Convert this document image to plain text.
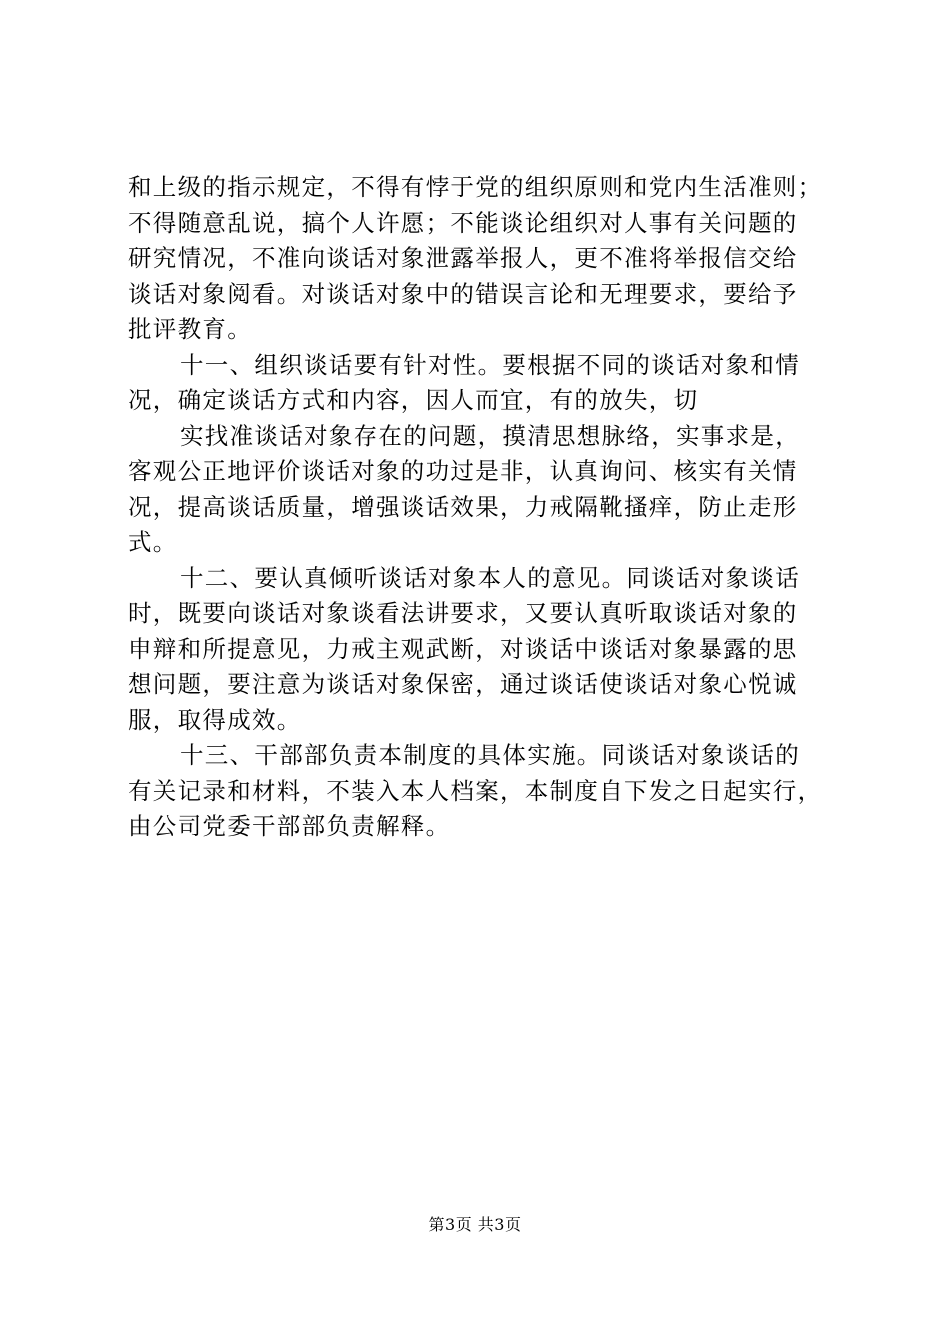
和上级的指示规定，不得有悖于党的组织原则和党内生活准则；
不得随意乱说，搞个人许愿；不能谈论组织对人事有关问题的
研究情况，不准向谈话对象泄露举报人，更不准将举报信交给
谈话对象阅看。对谈话对象中的错误言论和无理要求，要给予
批评教育。
十一、组织谈话要有针对性。要根据不同的谈话对象和情
况，确定谈话方式和内容，因人而宜，有的放失，切
实找准谈话对象存在的问题，摸清思想脉络，实事求是，
客观公正地评价谈话对象的功过是非，认真询问、核实有关情
况，提高谈话质量，增强谈话效果，力戒隔靴搔痒，防止走形
式。
十二、要认真倾听谈话对象本人的意见。同谈话对象谈话
时，既要向谈话对象谈看法讲要求，又要认真听取谈话对象的
申辩和所提意见，力戒主观武断，对谈话中谈话对象暴露的思
想问题，要注意为谈话对象保密，通过谈话使谈话对象心悦诚
服，取得成效。
十三、干部部负责本制度的具体实施。同谈话对象谈话的
有关记录和材料，不装入本人档案，本制度自下发之日起实行，
由公司党委干部部负责解释。
第3页 共3页
